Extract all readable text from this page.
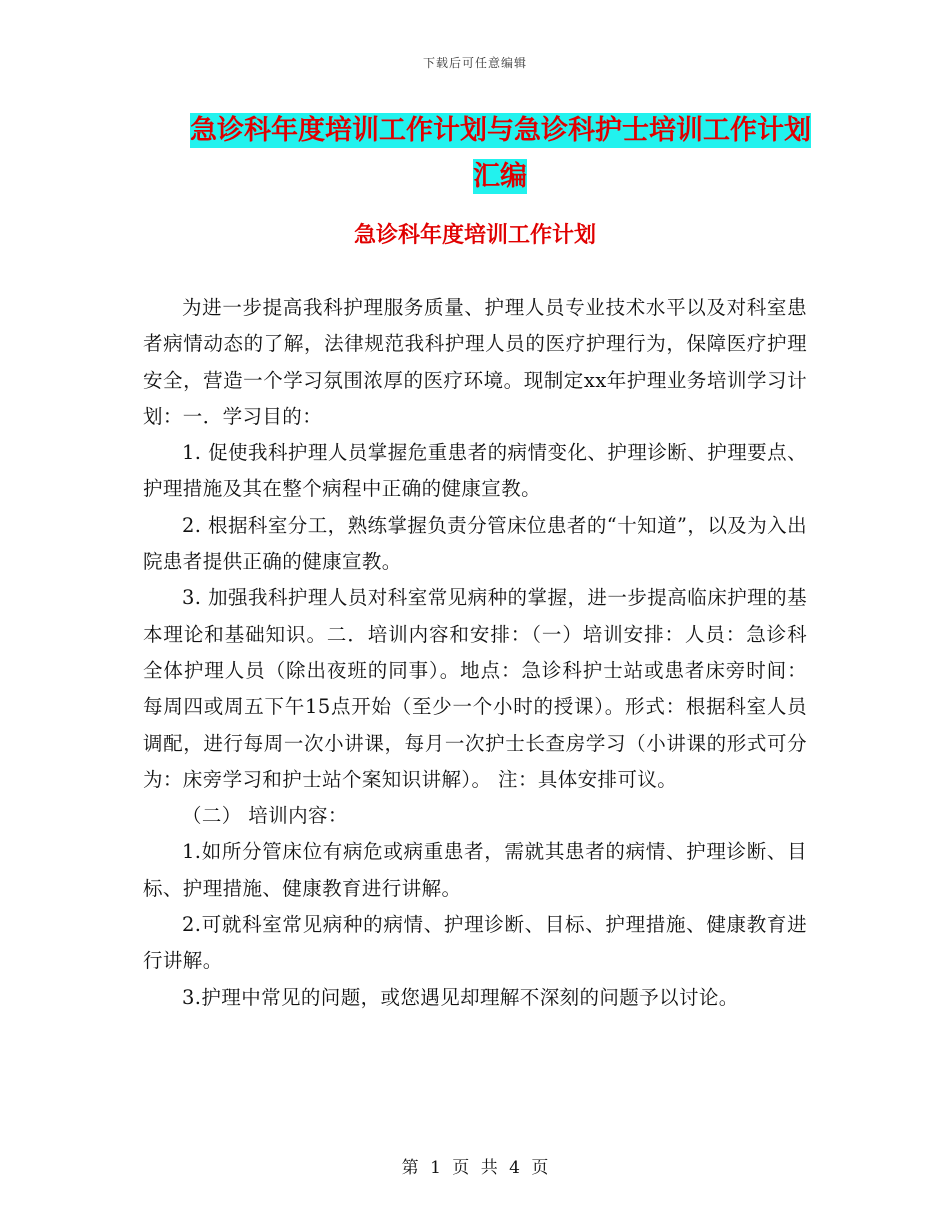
下载后可任意编辑
急诊科年度培训工作计划与急诊科护士培训工作计划
汇编
急诊科年度培训工作计划

为进一步提高我科护理服务质量、护理人员专业技术水平以及对科室患者病情动态的了解，法律规范我科护理人员的医疗护理行为，保障医疗护理安全，营造一个学习氛围浓厚的医疗环境。现制定xx年护理业务培训学习计划：一．学习目的：

1. 促使我科护理人员掌握危重患者的病情变化、护理诊断、护理要点、护理措施及其在整个病程中正确的健康宣教。

2. 根据科室分工，熟练掌握负责分管床位患者的“十知道”，以及为入出院患者提供正确的健康宣教。

3. 加强我科护理人员对科室常见病种的掌握，进一步提高临床护理的基本理论和基础知识。二．培训内容和安排：（一）培训安排：人员：急诊科全体护理人员（除出夜班的同事）。地点：急诊科护士站或患者床旁时间：每周四或周五下午15点开始（至少一个小时的授课）。形式：根据科室人员调配，进行每周一次小讲课，每月一次护士长查房学习（小讲课的形式可分为：床旁学习和护士站个案知识讲解）。 注：具体安排可议。

（二） 培训内容：

1.如所分管床位有病危或病重患者，需就其患者的病情、护理诊断、目标、护理措施、健康教育进行讲解。

2.可就科室常见病种的病情、护理诊断、目标、护理措施、健康教育进行讲解。

3.护理中常见的问题，或您遇见却理解不深刻的问题予以讨论。

第 1 页 共 4 页
